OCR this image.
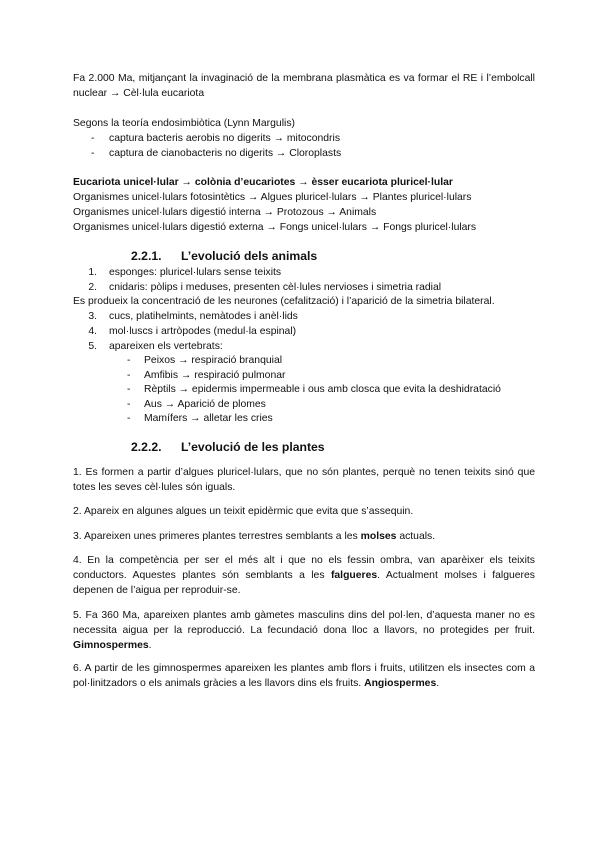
Fa 2.000 Ma, mitjançant la invaginació de la membrana plasmàtica es va formar el RE i l’embolcall nuclear → Cèl·lula eucariota
Segons la teoría endosimbiòtica (Lynn Margulis)
- captura bacteris aerobis no digerits → mitocondris
- captura de cianobacteris no digerits → Cloroplasts
Eucariota unicel·lular → colònia d’eucariotes → èsser eucariota pluricel·lular
Organismes unicel·lulars fotosintètics → Algues pluricel·lulars → Plantes pluricel·lulars
Organismes unicel·lulars digestió interna → Protozous → Animals
Organismes unicel·lulars digestió externa → Fongs unicel·lulars → Fongs pluricel·lulars
2.2.1. L’evolució dels animals
1. esponges: pluricel·lulars sense teixits
2. cnidaris: pòlips i meduses, presenten cèl·lules nervioses i simetria radial
Es produeix la concentració de les neurones (cefalització) i l’aparició de la simetria bilateral.
3. cucs, platihelmints, nemàtodes i anèl·lids
4. mol·luscs i artròpodes (medul·la espinal)
5. apareixen els vertebrats:
- Peixos → respiració branquial
- Amfibis → respiració pulmonar
- Rèptils → epidermis impermeable i ous amb closca que evita la deshidratació
- Aus → Aparició de plomes
- Mamífers → alletar les cries
2.2.2. L’evolució de les plantes
1. Es formen a partir d’algues pluricel·lulars, que no són plantes, perquè no tenen teixits sinó que totes les seves cèl·lules són iguals.
2. Apareix en algunes algues un teixit epidèrmic que evita que s’assequin.
3. Apareixen unes primeres plantes terrestres semblants a les molses actuals.
4. En la competència per ser el més alt i que no els fessin ombra, van aparèixer els teixits conductors. Aquestes plantes són semblants a les falgueres. Actualment molses i falgueres depenen de l’aigua per reproduir-se.
5. Fa 360 Ma, apareixen plantes amb gàmetes masculins dins del pol·len, d’aquesta maner no es necessita aigua per la reproducció. La fecundació dona lloc a llavors, no protegides per fruit. Gimnospermes.
6. A partir de les gimnospermes apareixen les plantes amb flors i fruits, utilitzen els insectes com a pol·linitzadors o els animals gràcies a les llavors dins els fruits. Angiospermes.
